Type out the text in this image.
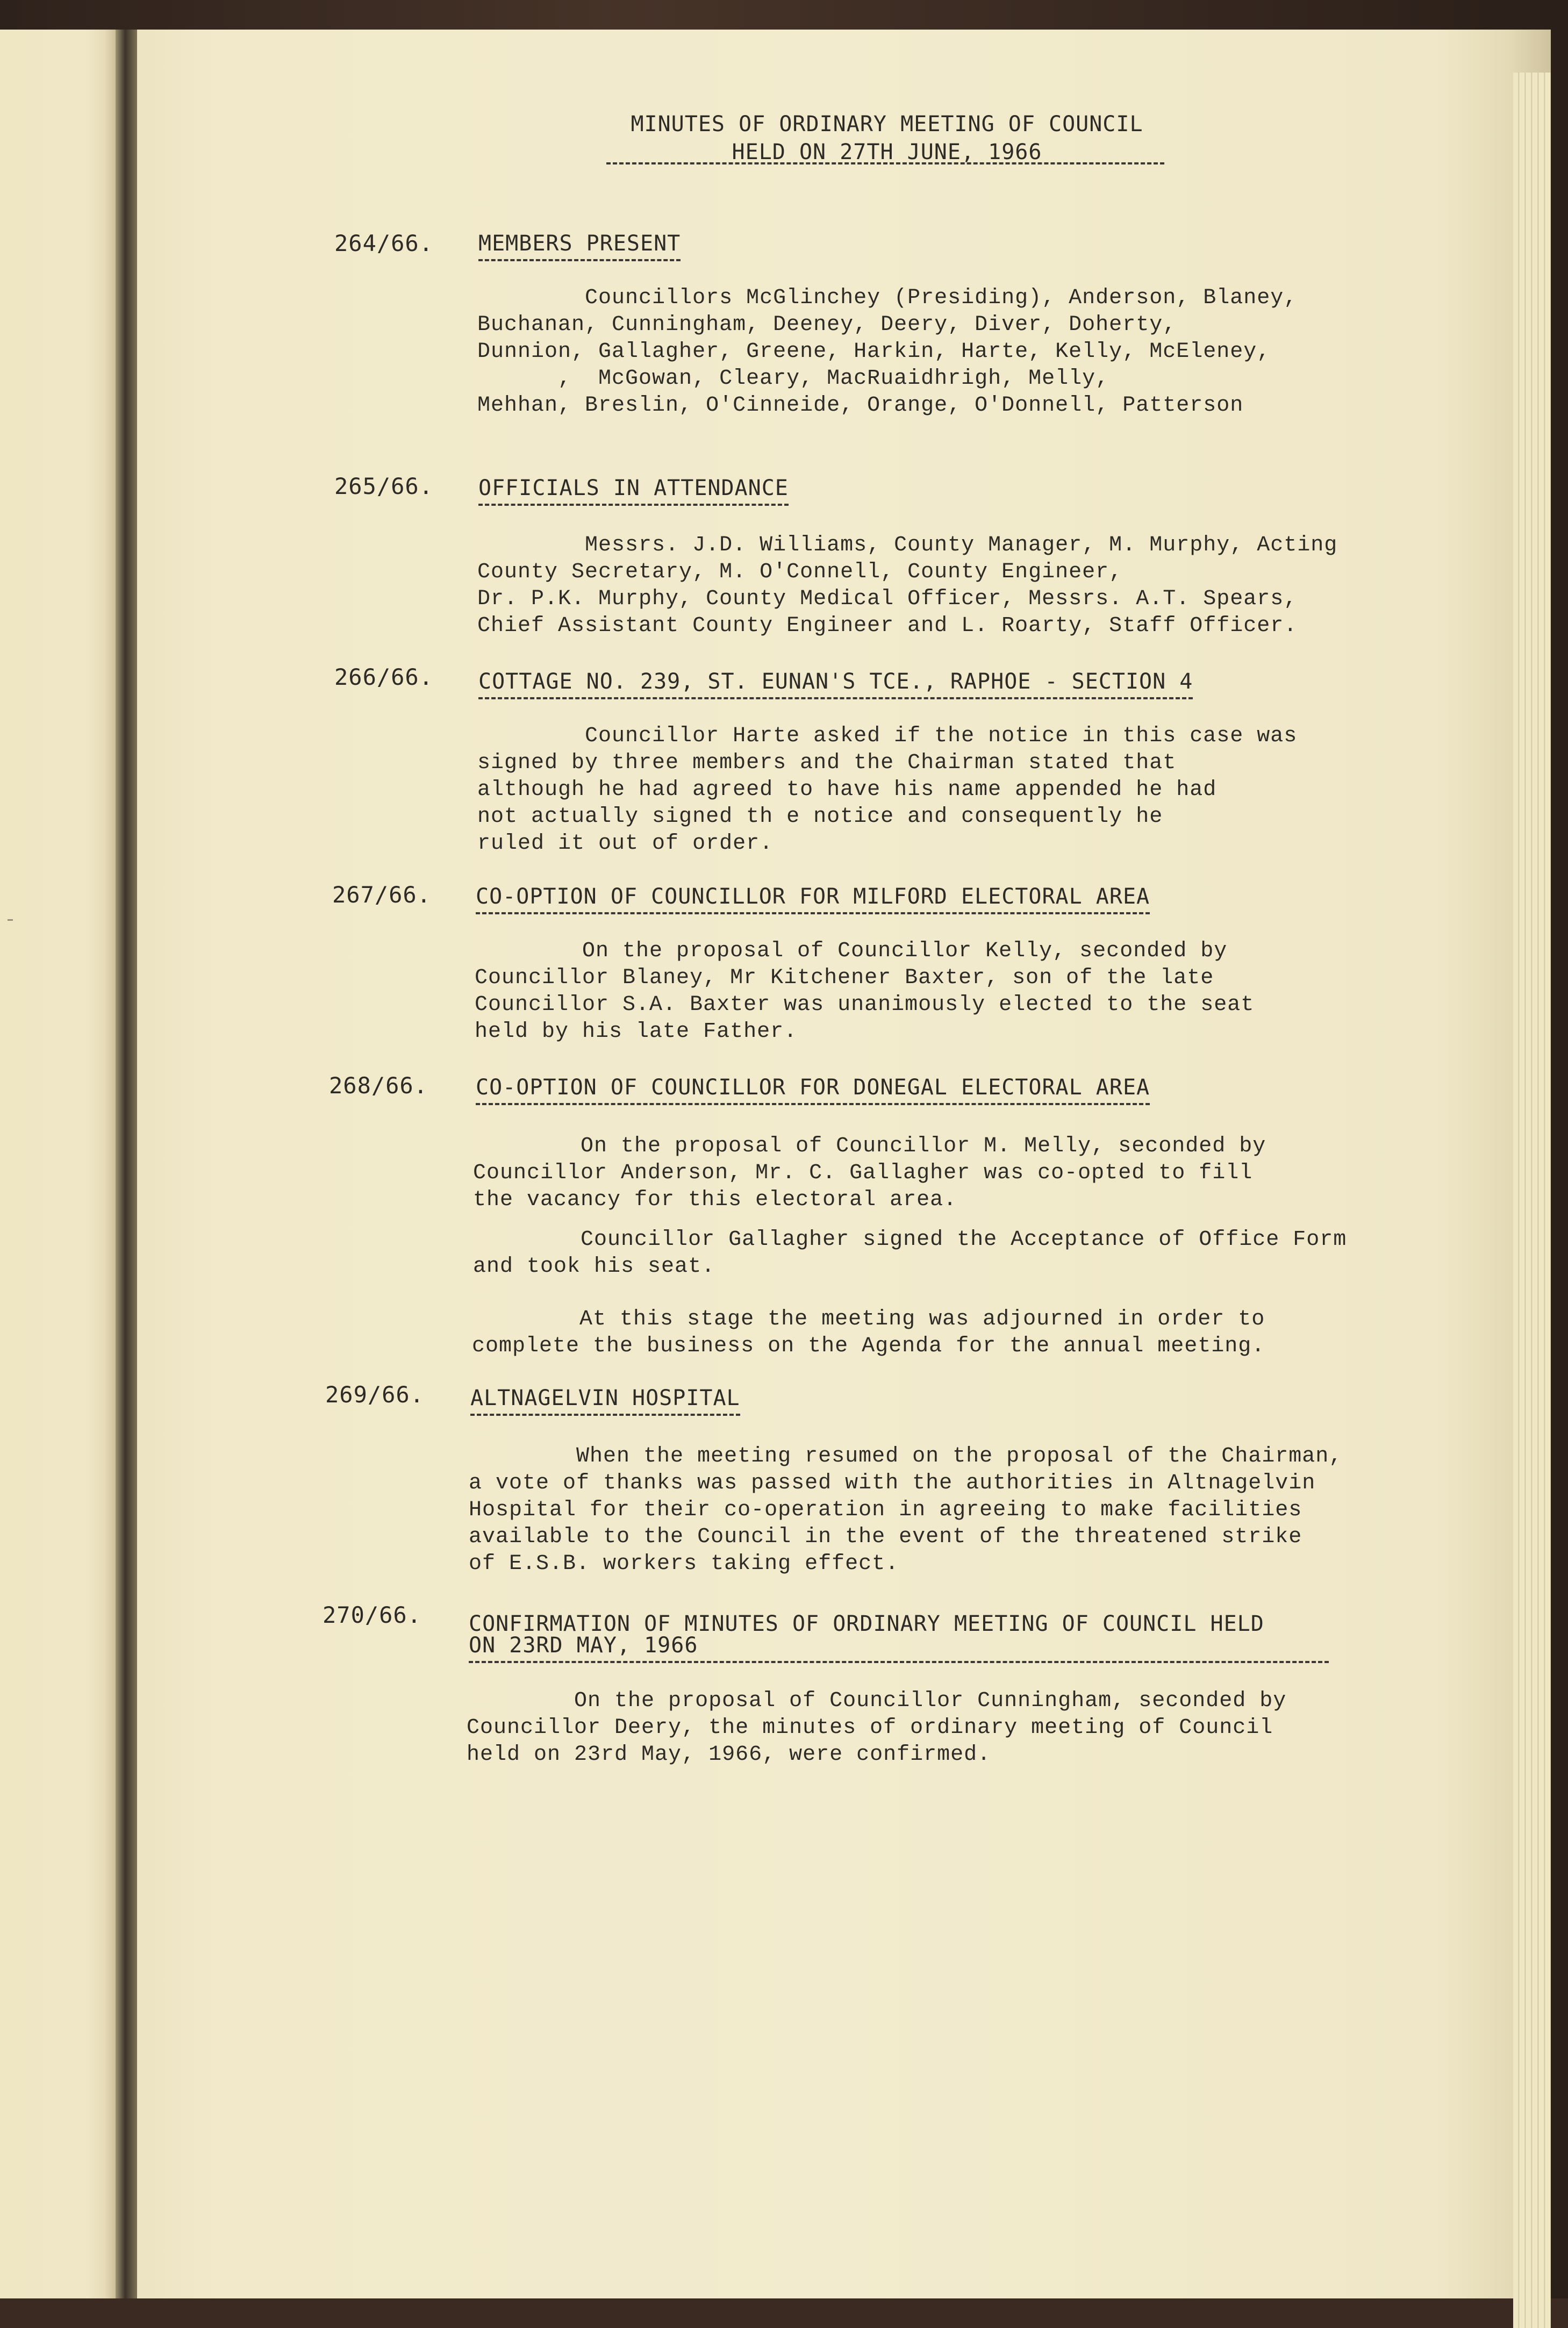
MINUTES OF ORDINARY MEETING OF COUNCIL
HELD ON 27TH JUNE, 1966
264/66. MEMBERS PRESENT
Councillors McGlinchey (Presiding), Anderson, Blaney,
Buchanan, Cunningham, Deeney, Deery, Diver, Doherty,
Dunnion, Gallagher, Greene, Harkin, Harte, Kelly, McEleney,
,  McGowan, Cleary, MacRuaidhrigh, Melly,
Mehhan, Breslin, O'Cinneide, Orange, O'Donnell, Patterson
265/66. OFFICIALS IN ATTENDANCE
Messrs. J.D. Williams, County Manager, M. Murphy, Acting
County Secretary, M. O'Connell, County Engineer,
Dr. P.K. Murphy, County Medical Officer, Messrs. A.T. Spears,
Chief Assistant County Engineer and L. Roarty, Staff Officer.
266/66. COTTAGE NO. 239, ST. EUNAN'S TCE., RAPHOE - SECTION 4
Councillor Harte asked if the notice in this case was
signed by three members and the Chairman stated that
although he had agreed to have his name appended he had
not actually signed th e notice and consequently he
ruled it out of order.
267/66. CO-OPTION OF COUNCILLOR FOR MILFORD ELECTORAL AREA
On the proposal of Councillor Kelly, seconded by
Councillor Blaney, Mr Kitchener Baxter, son of the late
Councillor S.A. Baxter was unanimously elected to the seat
held by his late Father.
268/66. CO-OPTION OF COUNCILLOR FOR DONEGAL ELECTORAL AREA
On the proposal of Councillor M. Melly, seconded by
Councillor Anderson, Mr. C. Gallagher was co-opted to fill
the vacancy for this electoral area.
Councillor Gallagher signed the Acceptance of Office Form
and took his seat.
At this stage the meeting was adjourned in order to
complete the business on the Agenda for the annual meeting.
269/66. ALTNAGELVIN HOSPITAL
When the meeting resumed on the proposal of the Chairman,
a vote of thanks was passed with the authorities in Altnagelvin
Hospital for their co-operation in agreeing to make facilities
available to the Council in the event of the threatened strike
of E.S.B. workers taking effect.
270/66. CONFIRMATION OF MINUTES OF ORDINARY MEETING OF COUNCIL HELD
ON 23RD MAY, 1966
On the proposal of Councillor Cunningham, seconded by
Councillor Deery, the minutes of ordinary meeting of Council
held on 23rd May, 1966, were confirmed.
